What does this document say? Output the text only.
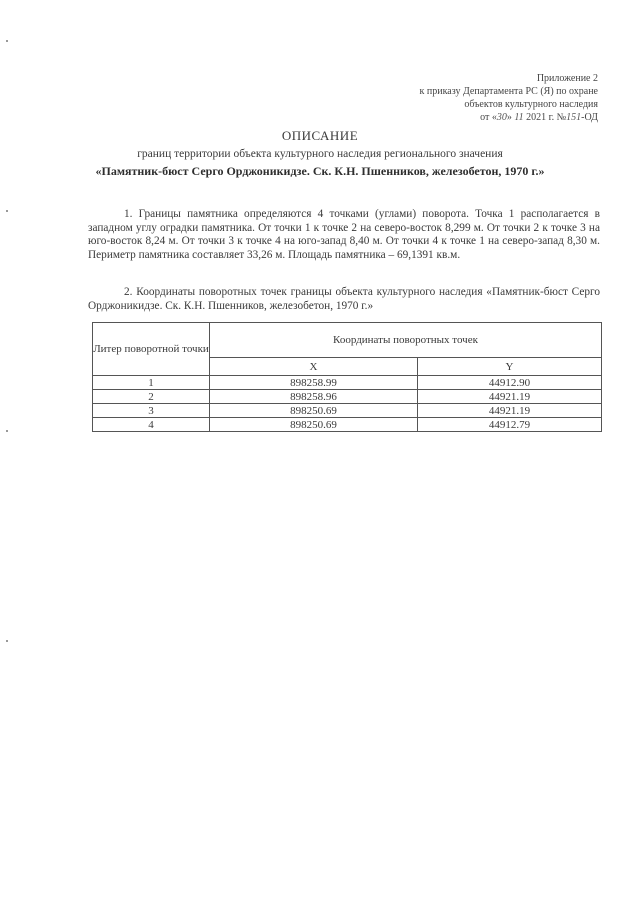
Приложение 2
к приказу Департамента РС (Я) по охране
объектов культурного наследия
от «30» 11 2021 г. №151-ОД
ОПИСАНИЕ
границ территории объекта культурного наследия регионального значения
«Памятник-бюст Серго Орджоникидзе. Ск. К.Н. Пшенников, железобетон, 1970 г.»
1. Границы памятника определяются 4 точками (углами) поворота. Точка 1 располагается в западном углу оградки памятника. От точки 1 к точке 2 на северо-восток 8,299 м. От точки 2 к точке 3 на юго-восток 8,24 м. От точки 3 к точке 4 на юго-запад 8,40 м. От точки 4 к точке 1 на северо-запад 8,30 м. Периметр памятника составляет 33,26 м. Площадь памятника – 69,1391 кв.м.
2. Координаты поворотных точек границы объекта культурного наследия «Памятник-бюст Серго Орджоникидзе. Ск. К.Н. Пшенников, железобетон, 1970 г.»
Литер поворотной точки	Координаты поворотных точек	
	X	Y
1	898258.99	44912.90
2	898258.96	44921.19
3	898250.69	44921.19
4	898250.69	44912.79
